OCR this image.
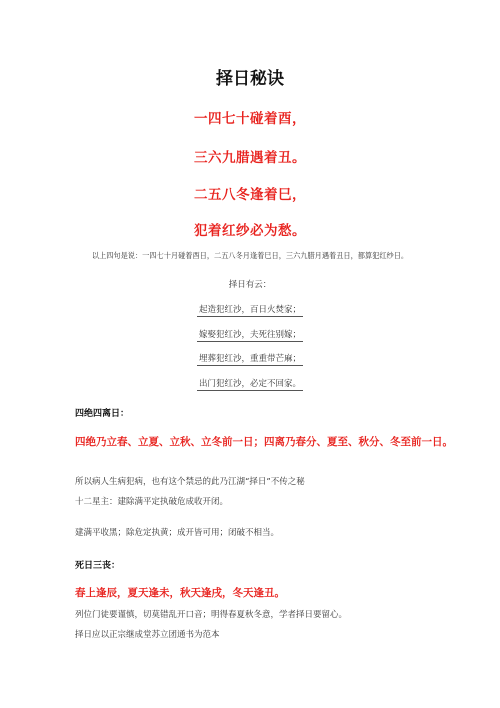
择日秘诀
一四七十碰着酉，
三六九腊遇着丑。
二五八冬逢着巳，
犯着红纱必为愁。
以上四句是说：一四七十月碰着酉日，二五八冬月逢着巳日，三六九腊月遇着丑日，都算犯红纱日。
择日有云：
起造犯红沙，百日火焚家；
嫁娶犯红沙，夫死往别嫁；
埋葬犯红沙，重重带芒麻；
出门犯红沙，必定不回家。
四绝四离日：
四绝乃立春、立夏、立秋、立冬前一日；四离乃春分、夏至、秋分、冬至前一日。
所以病人生病犯病，也有这个禁忌的此乃江湖“择日”不传之秘
十二星主：建除满平定执破危成收开闭。
建满平收黑；除危定执黄；成开皆可用；闭破不相当。
死日三丧：
春上逢辰，夏天逢未，秋天逢戌，冬天逢丑。
列位门徒要谨慎，切莫错乱开口音；明得春夏秋冬意，学者择日要留心。
择日应以正宗继成堂苏立团通书为范本
